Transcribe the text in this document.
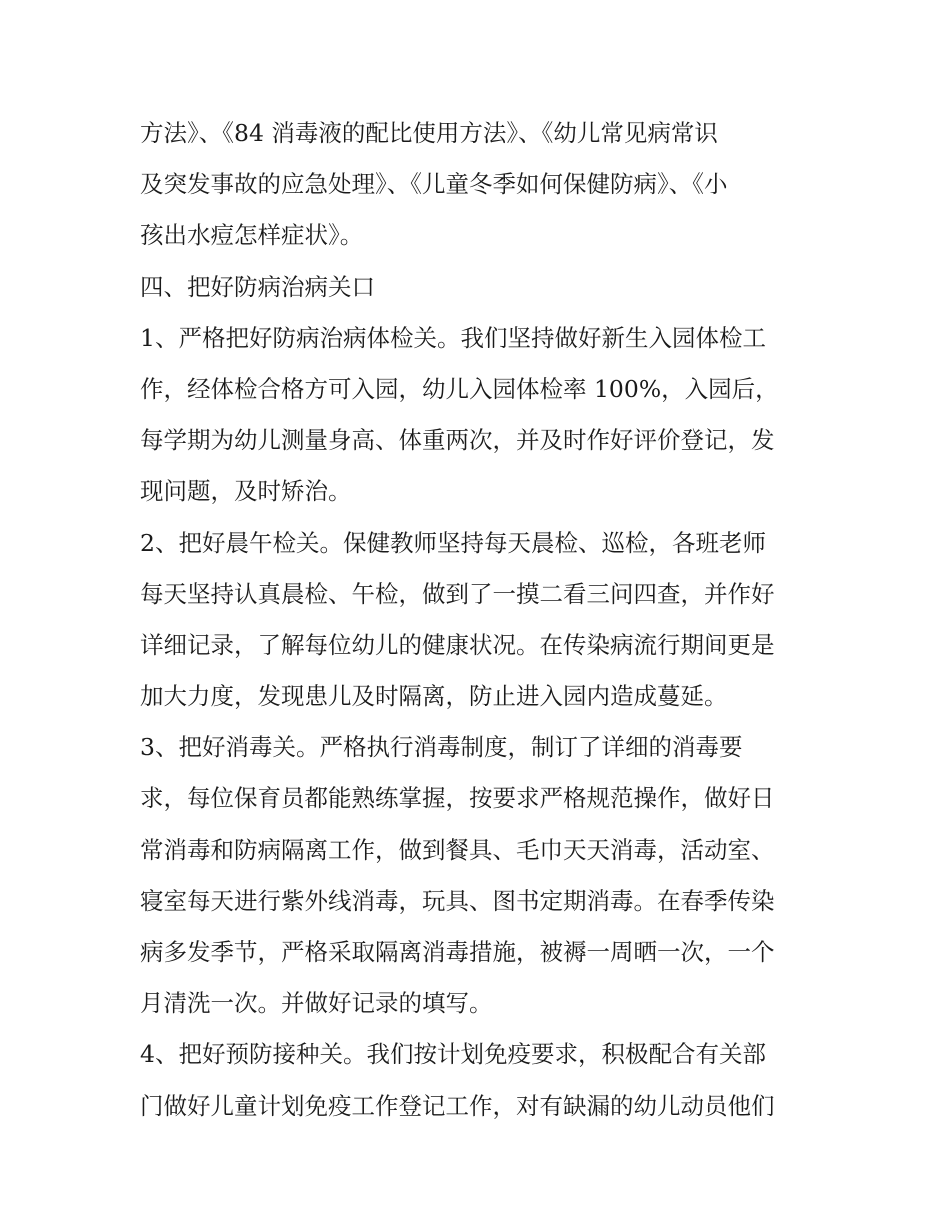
方法》、《84 消毒液的配比使用方法》、《幼儿常见病常识
及突发事故的应急处理》、《儿童冬季如何保健防病》、《小
孩出水痘怎样症状》。
四、把好防病治病关口
1、严格把好防病治病体检关。我们坚持做好新生入园体检工
作，经体检合格方可入园，幼儿入园体检率 100%，入园后，
每学期为幼儿测量身高、体重两次，并及时作好评价登记，发
现问题，及时矫治。
2、把好晨午检关。保健教师坚持每天晨检、巡检，各班老师
每天坚持认真晨检、午检，做到了一摸二看三问四查，并作好
详细记录，了解每位幼儿的健康状况。在传染病流行期间更是
加大力度，发现患儿及时隔离，防止进入园内造成蔓延。
3、把好消毒关。严格执行消毒制度，制订了详细的消毒要
求，每位保育员都能熟练掌握，按要求严格规范操作，做好日
常消毒和防病隔离工作，做到餐具、毛巾天天消毒，活动室、
寝室每天进行紫外线消毒，玩具、图书定期消毒。在春季传染
病多发季节，严格采取隔离消毒措施，被褥一周晒一次，一个
月清洗一次。并做好记录的填写。
4、把好预防接种关。我们按计划免疫要求，积极配合有关部
门做好儿童计划免疫工作登记工作，对有缺漏的幼儿动员他们
